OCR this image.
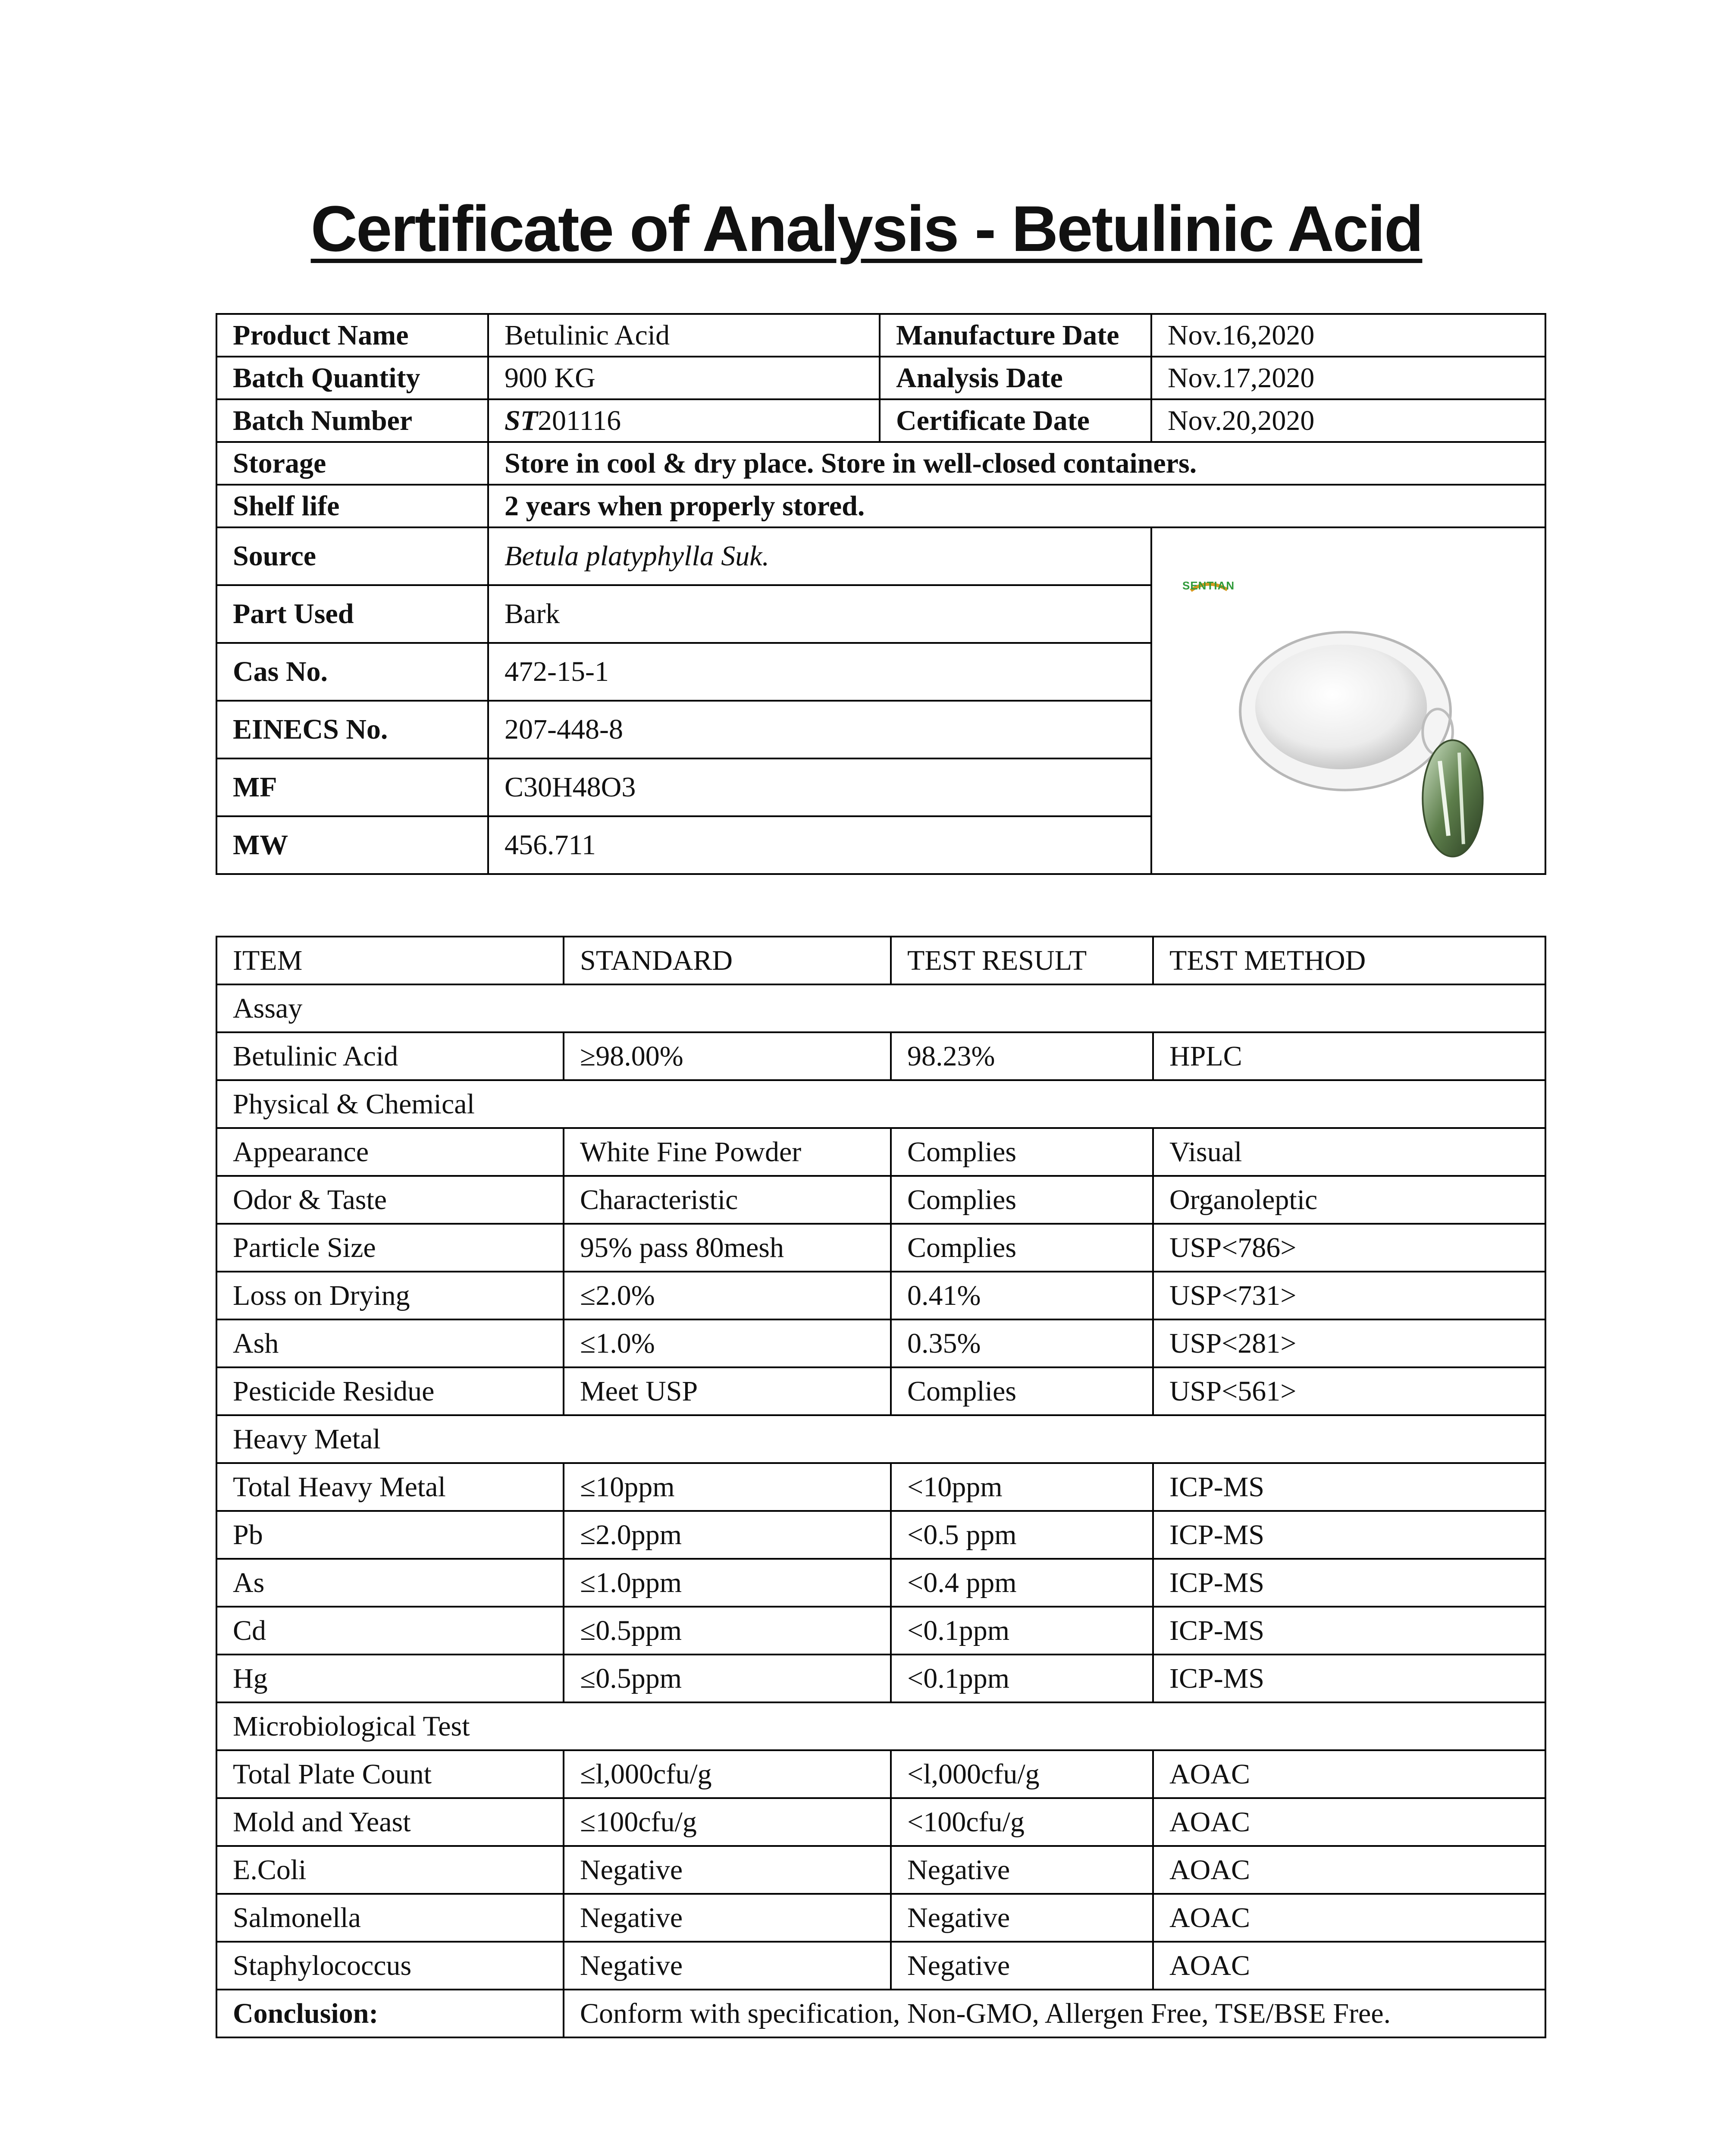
Certificate of Analysis - Betulinic Acid
Product Name	Betulinic Acid	Manufacture Date	Nov.16,2020
Batch Quantity	900 KG	Analysis Date	Nov.17,2020
Batch Number	ST201116	Certificate Date	Nov.20,2020
Storage	Store in cool & dry place. Store in well-closed containers.		
Shelf life	2 years when properly stored.		
Source	Betula platyphylla Suk.		SENTIAN

Part Used	Bark		
Cas No.	472-15-1		
EINECS No.	207-448-8		
MF	C30H48O3		
MW	456.711		
ITEM	STANDARD	TEST RESULT	TEST METHOD
Assay			
Betulinic Acid	≥98.00%	98.23%	HPLC
Physical & Chemical			
Appearance	White Fine Powder	Complies	Visual
Odor & Taste	Characteristic	Complies	Organoleptic
Particle Size	95% pass 80mesh	Complies	USP<786>
Loss on Drying	≤2.0%	0.41%	USP<731>
Ash	≤1.0%	0.35%	USP<281>
Pesticide Residue	Meet USP	Complies	USP<561>
Heavy Metal			
Total Heavy Metal	≤10ppm	<10ppm	ICP-MS
Pb	≤2.0ppm	<0.5 ppm	ICP-MS
As	≤1.0ppm	<0.4 ppm	ICP-MS
Cd	≤0.5ppm	<0.1ppm	ICP-MS
Hg	≤0.5ppm	<0.1ppm	ICP-MS
Microbiological Test			
Total Plate Count	≤l,000cfu/g	<l,000cfu/g	AOAC
Mold and Yeast	≤100cfu/g	<100cfu/g	AOAC
E.Coli	Negative	Negative	AOAC
Salmonella	Negative	Negative	AOAC
Staphylococcus	Negative	Negative	AOAC
Conclusion:	Conform with specification, Non-GMO, Allergen Free, TSE/BSE Free.		
